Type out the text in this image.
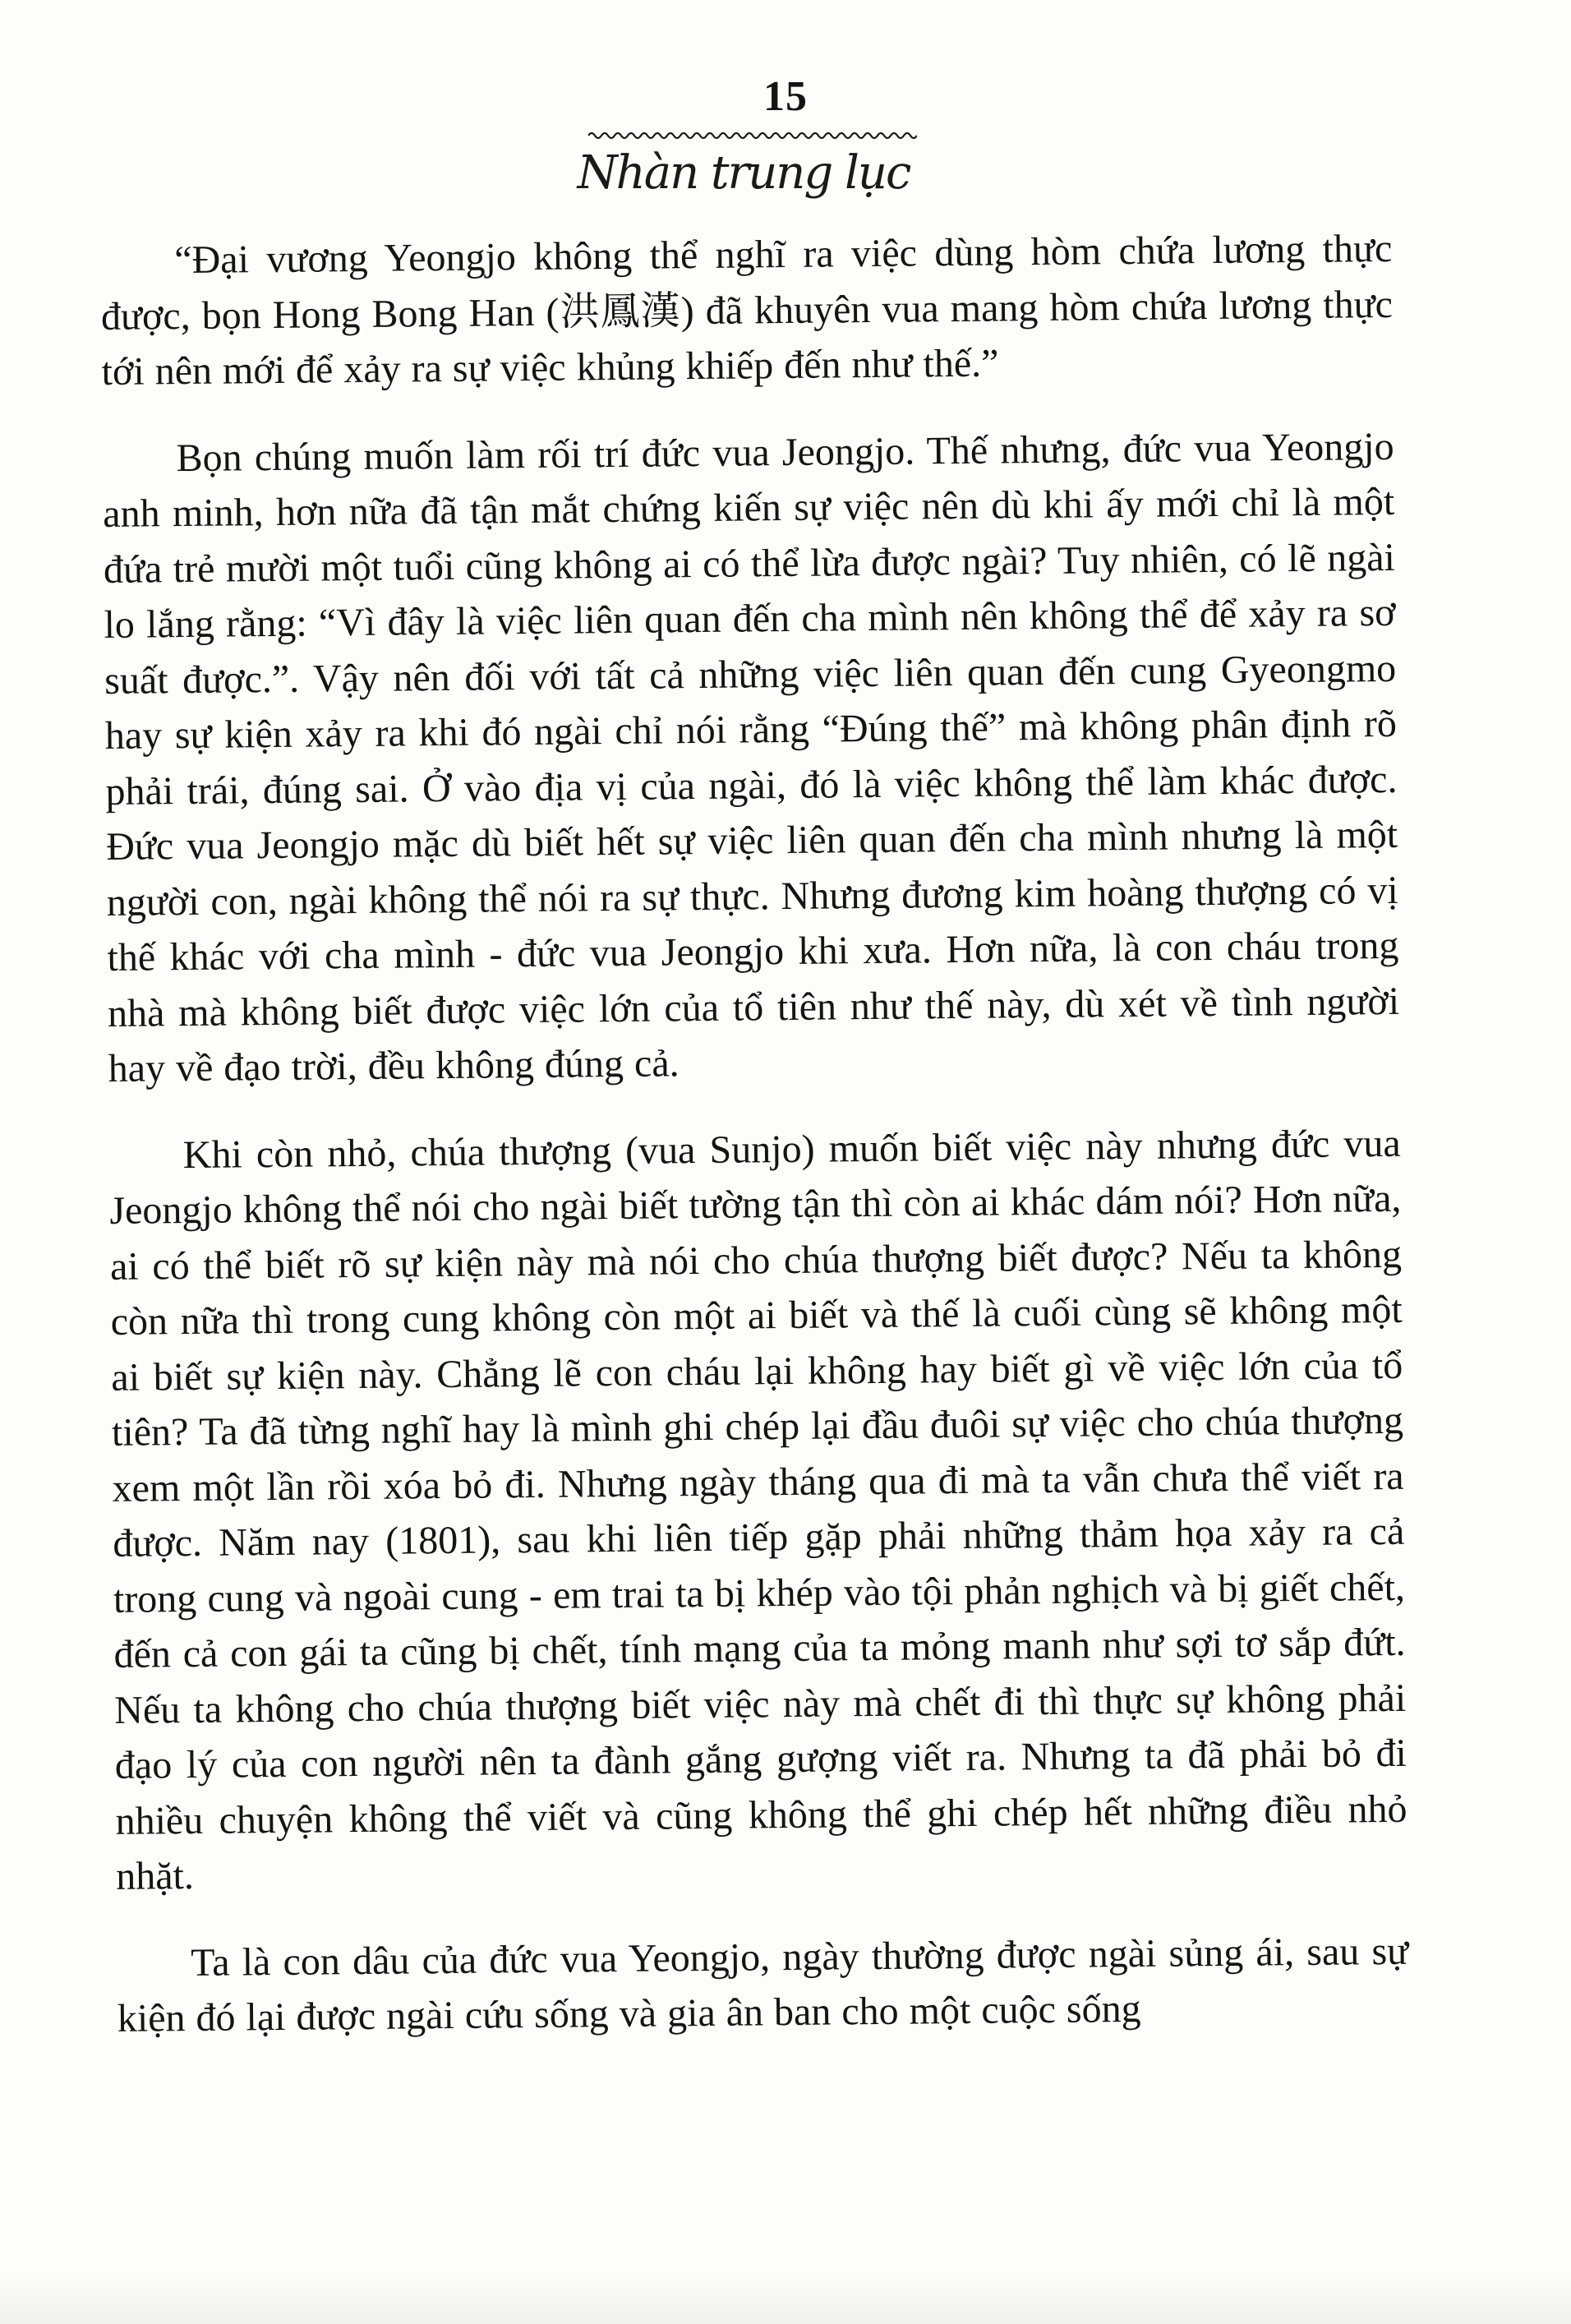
15
Nhàn trung lục

“Đại vương Yeongjo không thể nghĩ ra việc dùng hòm chứa lương thực được, bọn Hong Bong Han (洪鳳漢) đã khuyên vua mang hòm chứa lương thực tới nên mới để xảy ra sự việc khủng khiếp đến như thế.”

Bọn chúng muốn làm rối trí đức vua Jeongjo. Thế nhưng, đức vua Yeongjo anh minh, hơn nữa đã tận mắt chứng kiến sự việc nên dù khi ấy mới chỉ là một đứa trẻ mười một tuổi cũng không ai có thể lừa được ngài? Tuy nhiên, có lẽ ngài lo lắng rằng: “Vì đây là việc liên quan đến cha mình nên không thể để xảy ra sơ suất được.”. Vậy nên đối với tất cả những việc liên quan đến cung Gyeongmo hay sự kiện xảy ra khi đó ngài chỉ nói rằng “Đúng thế” mà không phân định rõ phải trái, đúng sai. Ở vào địa vị của ngài, đó là việc không thể làm khác được. Đức vua Jeongjo mặc dù biết hết sự việc liên quan đến cha mình nhưng là một người con, ngài không thể nói ra sự thực. Nhưng đương kim hoàng thượng có vị thế khác với cha mình - đức vua Jeongjo khi xưa. Hơn nữa, là con cháu trong nhà mà không biết được việc lớn của tổ tiên như thế này, dù xét về tình người hay về đạo trời, đều không đúng cả.

Khi còn nhỏ, chúa thượng (vua Sunjo) muốn biết việc này nhưng đức vua Jeongjo không thể nói cho ngài biết tường tận thì còn ai khác dám nói? Hơn nữa, ai có thể biết rõ sự kiện này mà nói cho chúa thượng biết được? Nếu ta không còn nữa thì trong cung không còn một ai biết và thế là cuối cùng sẽ không một ai biết sự kiện này. Chẳng lẽ con cháu lại không hay biết gì về việc lớn của tổ tiên? Ta đã từng nghĩ hay là mình ghi chép lại đầu đuôi sự việc cho chúa thượng xem một lần rồi xóa bỏ đi. Nhưng ngày tháng qua đi mà ta vẫn chưa thể viết ra được. Năm nay (1801), sau khi liên tiếp gặp phải những thảm họa xảy ra cả trong cung và ngoài cung - em trai ta bị khép vào tội phản nghịch và bị giết chết, đến cả con gái ta cũng bị chết, tính mạng của ta mỏng manh như sợi tơ sắp đứt. Nếu ta không cho chúa thượng biết việc này mà chết đi thì thực sự không phải đạo lý của con người nên ta đành gắng gượng viết ra. Nhưng ta đã phải bỏ đi nhiều chuyện không thể viết và cũng không thể ghi chép hết những điều nhỏ nhặt.

Ta là con dâu của đức vua Yeongjo, ngày thường được ngài sủng ái, sau sự kiện đó lại được ngài cứu sống và gia ân ban cho một cuộc sống
